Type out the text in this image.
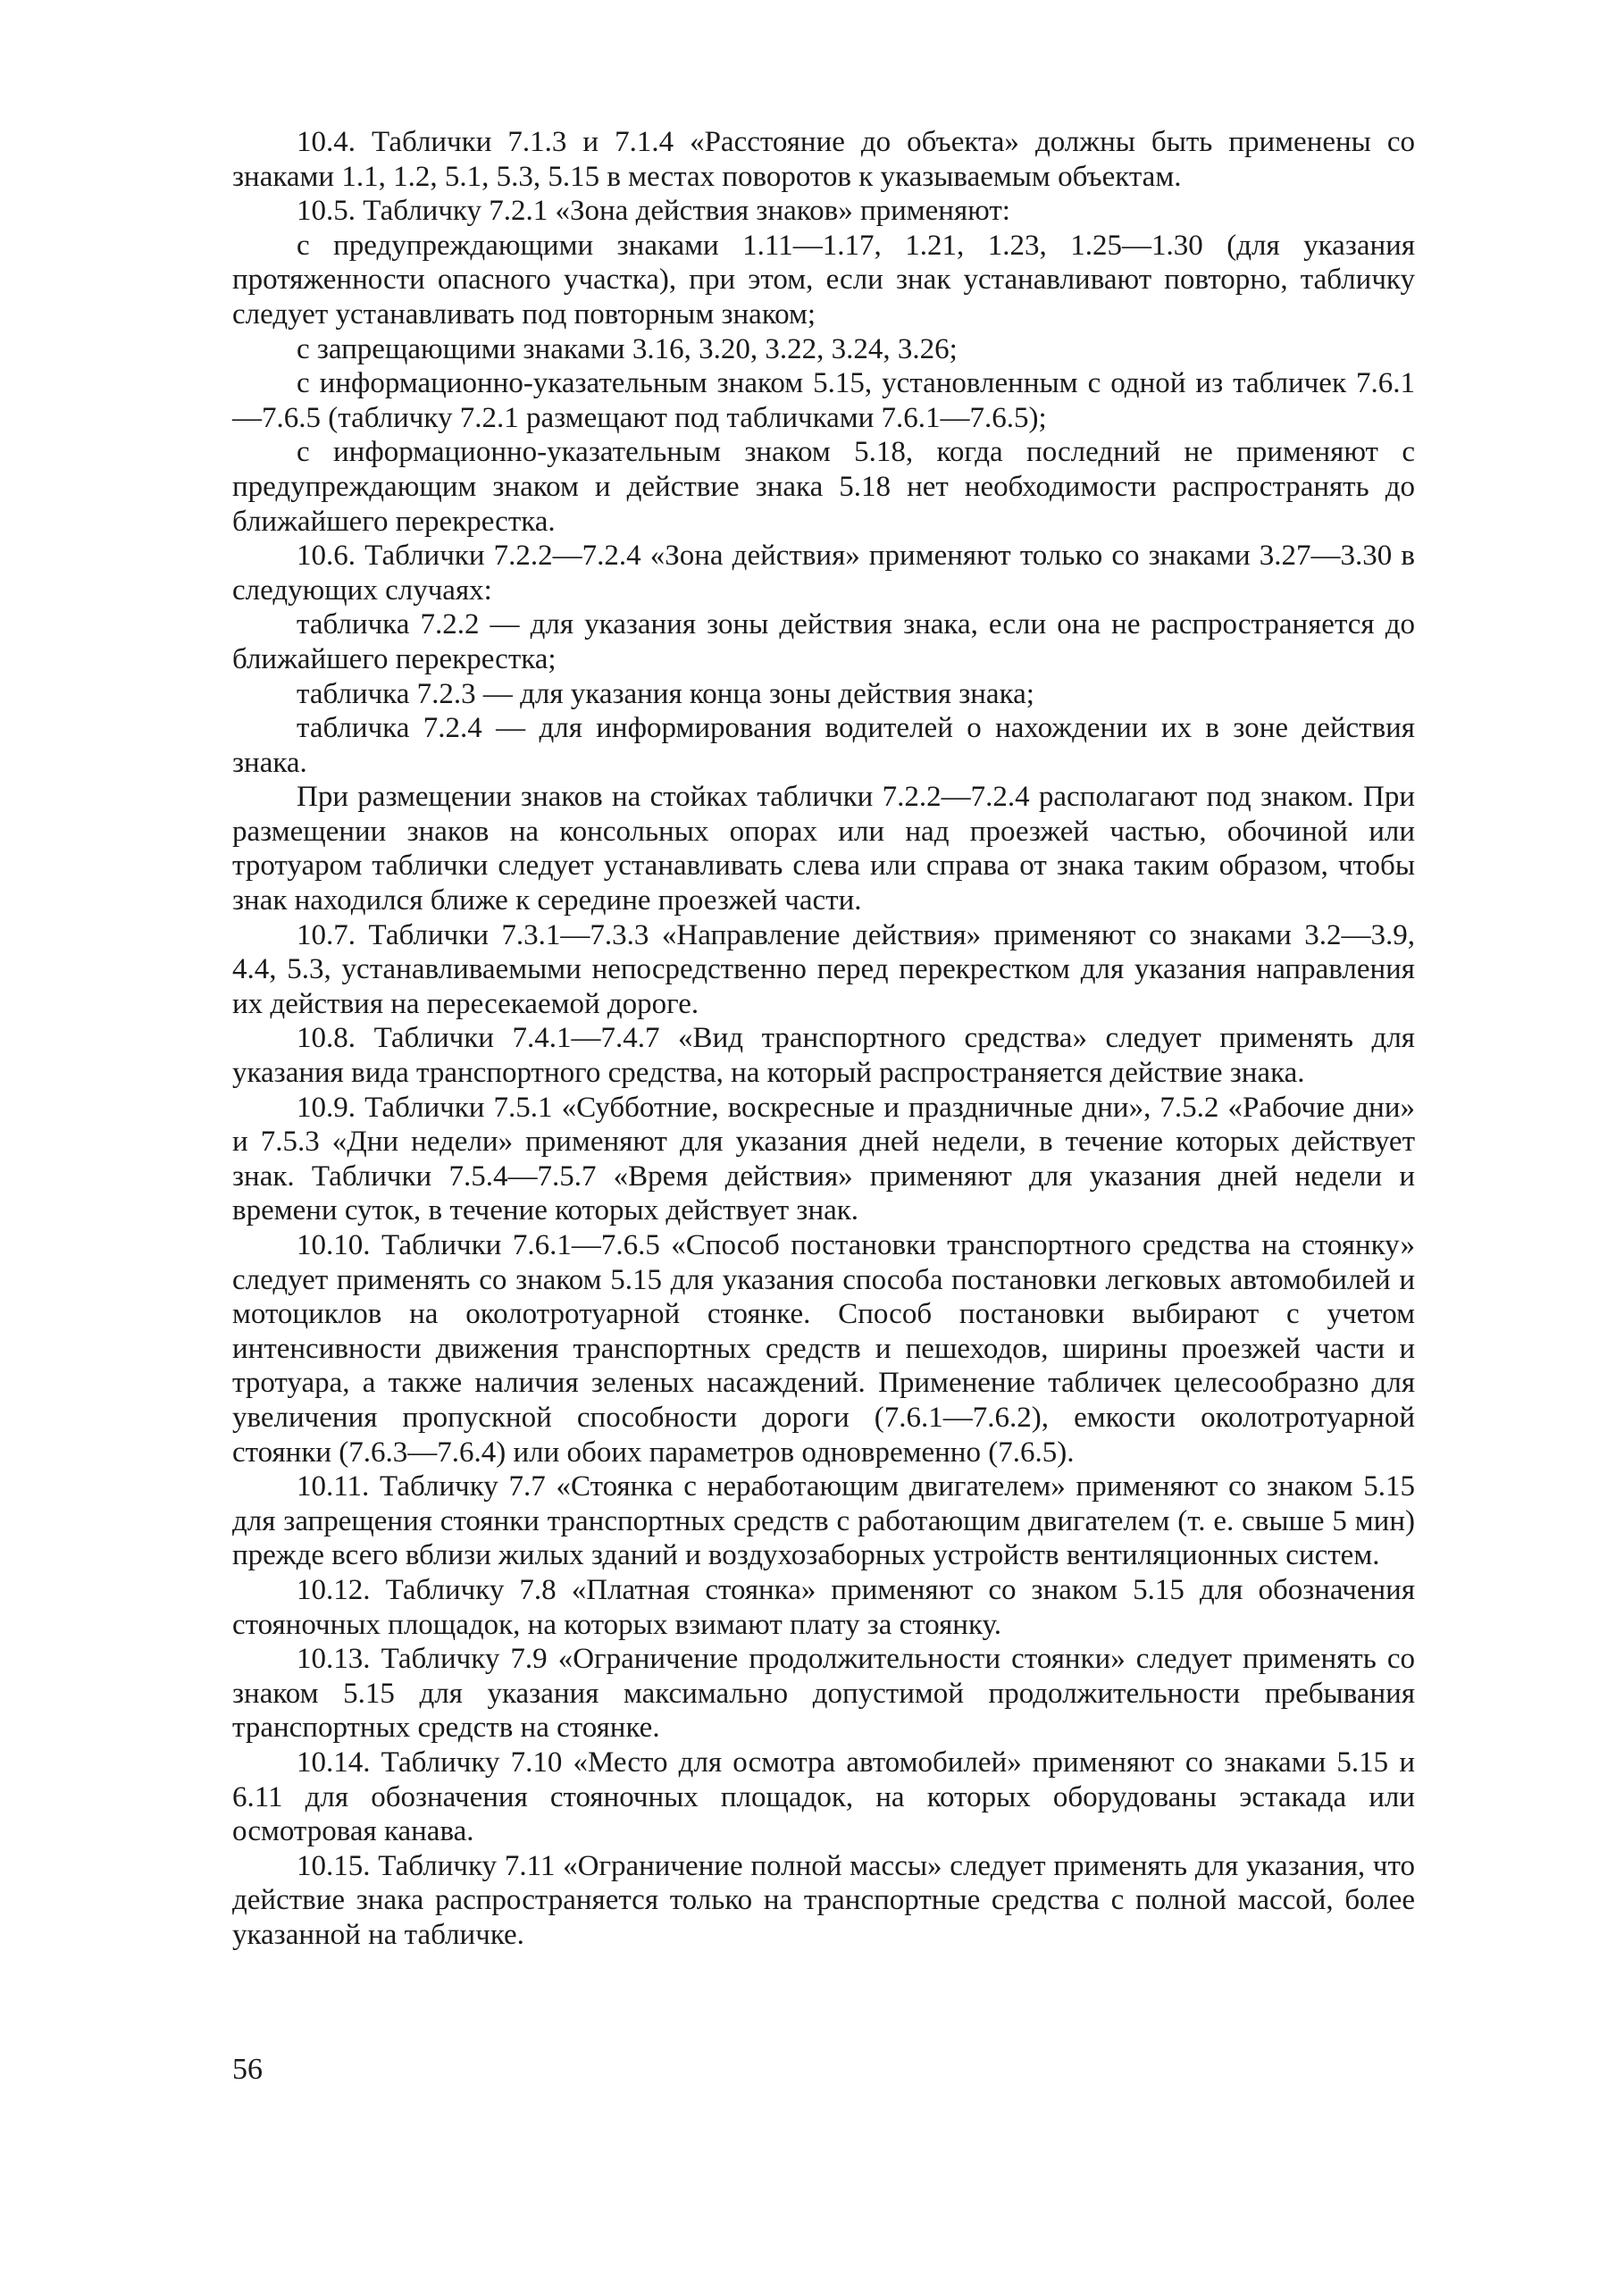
10.4. Таблички 7.1.3 и 7.1.4 «Расстояние до объекта» должны быть применены со знаками 1.1, 1.2, 5.1, 5.3, 5.15 в местах поворотов к указываемым объектам.

10.5. Табличку 7.2.1 «Зона действия знаков» применяют:

с предупреждающими знаками 1.11—1.17, 1.21, 1.23, 1.25—1.30 (для указания протяженности опасного участка), при этом, если знак устанавливают повторно, табличку следует устанавливать под повторным знаком;

с запрещающими знаками 3.16, 3.20, 3.22, 3.24, 3.26;

с информационно-указательным знаком 5.15, установленным с одной из табличек 7.6.1—7.6.5 (табличку 7.2.1 размещают под табличками 7.6.1—7.6.5);

с информационно-указательным знаком 5.18, когда последний не применяют с предупреждающим знаком и действие знака 5.18 нет необходимости распространять до ближайшего перекрестка.

10.6. Таблички 7.2.2—7.2.4 «Зона действия» применяют только со знаками 3.27—3.30 в следующих случаях:

табличка 7.2.2 — для указания зоны действия знака, если она не распространяется до ближайшего перекрестка;

табличка 7.2.3 — для указания конца зоны действия знака;

табличка 7.2.4 — для информирования водителей о нахождении их в зоне действия знака.

При размещении знаков на стойках таблички 7.2.2—7.2.4 располагают под знаком. При размещении знаков на консольных опорах или над проезжей частью, обочиной или тротуаром таблички следует устанавливать слева или справа от знака таким образом, чтобы знак находился ближе к середине проезжей части.

10.7. Таблички 7.3.1—7.3.3 «Направление действия» применяют со знаками 3.2—3.9, 4.4, 5.3, устанавливаемыми непосредственно перед перекрестком для указания направления их действия на пересекаемой дороге.

10.8. Таблички 7.4.1—7.4.7 «Вид транспортного средства» следует применять для указания вида транспортного средства, на который распространяется действие знака.

10.9. Таблички 7.5.1 «Субботние, воскресные и праздничные дни», 7.5.2 «Рабочие дни» и 7.5.3 «Дни недели» применяют для указания дней недели, в течение которых действует знак. Таблички 7.5.4—7.5.7 «Время действия» применяют для указания дней недели и времени суток, в течение которых действует знак.

10.10. Таблички 7.6.1—7.6.5 «Способ постановки транспортного средства на стоянку» следует применять со знаком 5.15 для указания способа постановки легковых автомобилей и мотоциклов на околотротуарной стоянке. Способ постановки выбирают с учетом интенсивности движения транспортных средств и пешеходов, ширины проезжей части и тротуара, а также наличия зеленых насаждений. Применение табличек целесообразно для увеличения пропускной способности дороги (7.6.1—7.6.2), емкости околотротуарной стоянки (7.6.3—7.6.4) или обоих параметров одновременно (7.6.5).

10.11. Табличку 7.7 «Стоянка с неработающим двигателем» применяют со знаком 5.15 для запрещения стоянки транспортных средств с работающим двигателем (т. е. свыше 5 мин) прежде всего вблизи жилых зданий и воздухозаборных устройств вентиляционных систем.

10.12. Табличку 7.8 «Платная стоянка» применяют со знаком 5.15 для обозначения стояночных площадок, на которых взимают плату за стоянку.

10.13. Табличку 7.9 «Ограничение продолжительности стоянки» следует применять со знаком 5.15 для указания максимально допустимой продолжительности пребывания транспортных средств на стоянке.

10.14. Табличку 7.10 «Место для осмотра автомобилей» применяют со знаками 5.15 и 6.11 для обозначения стояночных площадок, на которых оборудованы эстакада или осмотровая канава.

10.15. Табличку 7.11 «Ограничение полной массы» следует применять для указания, что действие знака распространяется только на транспортные средства с полной массой, более указанной на табличке.

56
